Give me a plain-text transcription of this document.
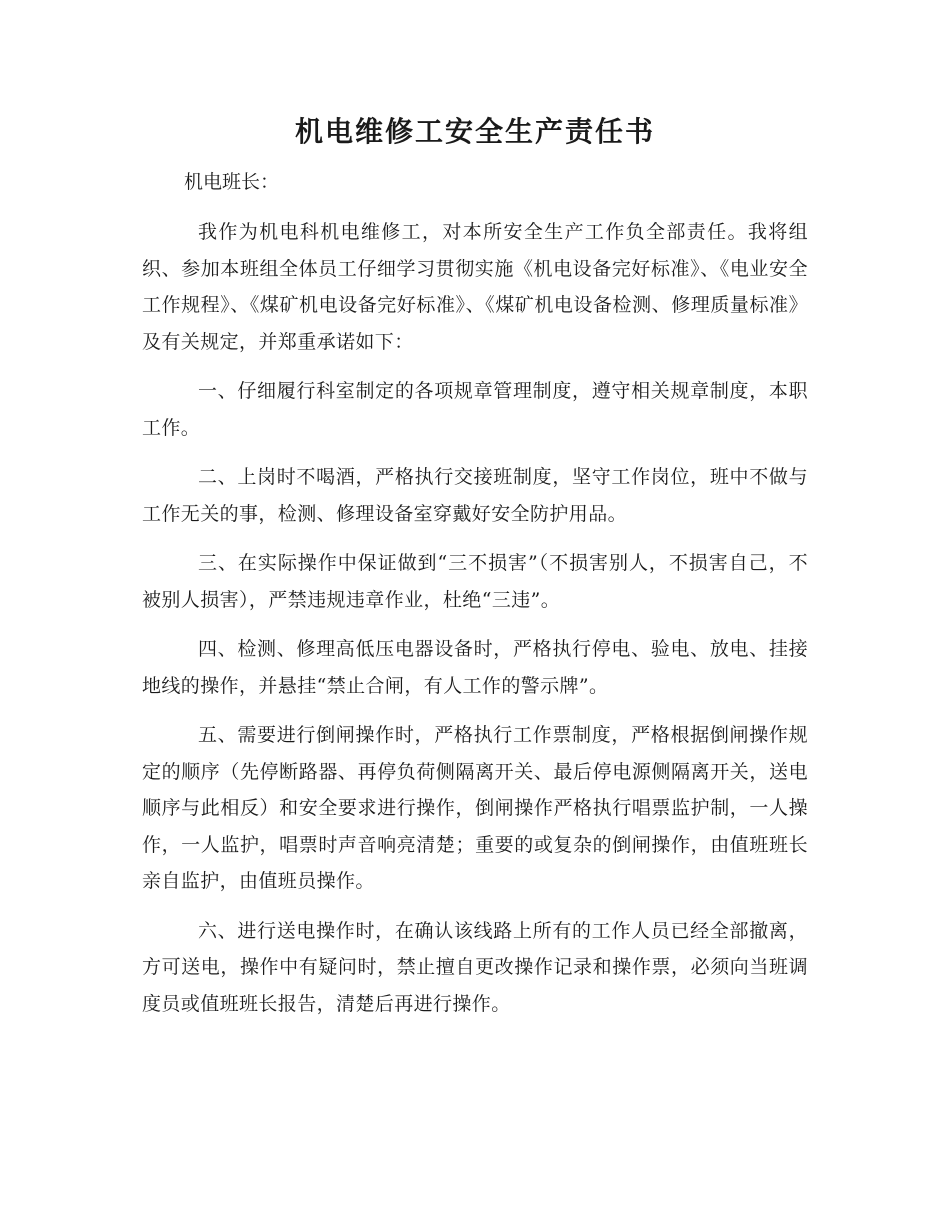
机电维修工安全生产责任书

机电班长：

我作为机电科机电维修工，对本所安全生产工作负全部责任。我将组织、参加本班组全体员工仔细学习贯彻实施《机电设备完好标准》、《电业安全工作规程》、《煤矿机电设备完好标准》、《煤矿机电设备检测、修理质量标准》及有关规定，并郑重承诺如下：

一、仔细履行科室制定的各项规章管理制度，遵守相关规章制度，本职工作。

二、上岗时不喝酒，严格执行交接班制度，坚守工作岗位，班中不做与工作无关的事，检测、修理设备室穿戴好安全防护用品。

三、在实际操作中保证做到“三不损害”（不损害别人，不损害自己，不被别人损害），严禁违规违章作业，杜绝“三违”。

四、检测、修理高低压电器设备时，严格执行停电、验电、放电、挂接地线的操作，并悬挂“禁止合闸，有人工作的警示牌”。

五、需要进行倒闸操作时，严格执行工作票制度，严格根据倒闸操作规定的顺序（先停断路器、再停负荷侧隔离开关、最后停电源侧隔离开关，送电顺序与此相反）和安全要求进行操作，倒闸操作严格执行唱票监护制，一人操作，一人监护，唱票时声音响亮清楚；重要的或复杂的倒闸操作，由值班班长亲自监护，由值班员操作。

六、进行送电操作时，在确认该线路上所有的工作人员已经全部撤离，方可送电，操作中有疑问时，禁止擅自更改操作记录和操作票，必须向当班调度员或值班班长报告，清楚后再进行操作。
